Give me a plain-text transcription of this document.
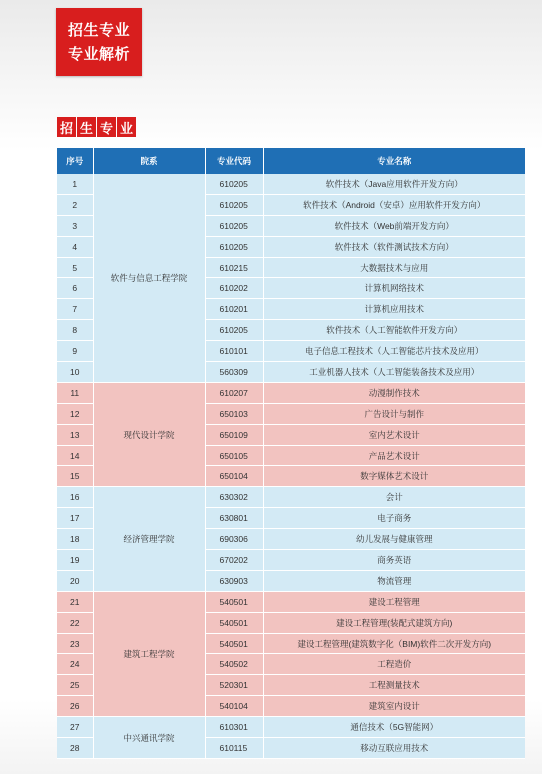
招生专业
专业解析
招 生 专 业
序号	院系	专业代码	专业名称
1	软件与信息工程学院	610205	软件技术（Java应用软件开发方向）
2		610205	软件技术（Android（安卓）应用软件开发方向）
3		610205	软件技术（Web前端开发方向）
4		610205	软件技术（软件测试技术方向）
5		610215	大数据技术与应用
6		610202	计算机网络技术
7		610201	计算机应用技术
8		610205	软件技术（人工智能软件开发方向）
9		610101	电子信息工程技术（人工智能芯片技术及应用）
10		560309	工业机器人技术（人工智能装备技术及应用）
11	现代设计学院	610207	动漫制作技术
12		650103	广告设计与制作
13		650109	室内艺术设计
14		650105	产品艺术设计
15		650104	数字媒体艺术设计
16	经济管理学院	630302	会计
17		630801	电子商务
18		690306	幼儿发展与健康管理
19		670202	商务英语
20		630903	物流管理
21	建筑工程学院	540501	建设工程管理
22		540501	建设工程管理(装配式建筑方向)
23		540501	建设工程管理(建筑数字化（BIM)软件二次开发方向)
24		540502	工程造价
25		520301	工程测量技术
26		540104	建筑室内设计
27	中兴通讯学院	610301	通信技术（5G智能网）
28		610115	移动互联应用技术
